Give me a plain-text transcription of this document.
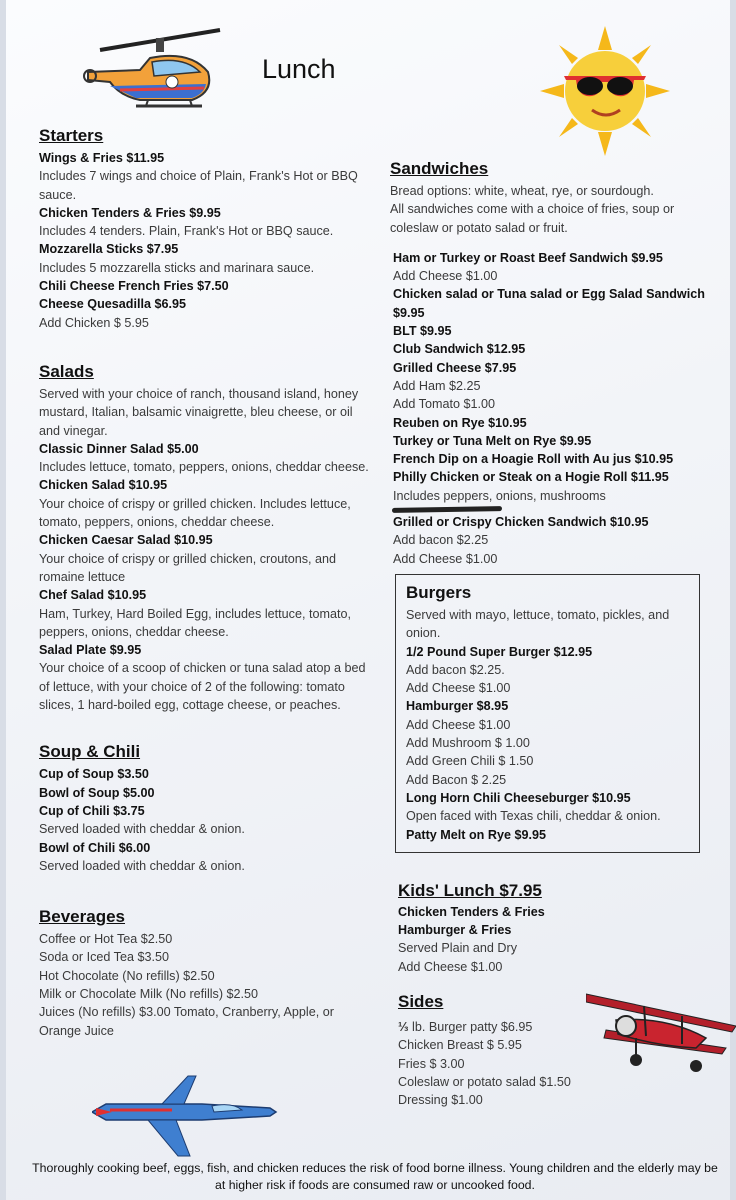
Lunch
Starters
Wings & Fries $11.95
Includes 7 wings and choice of Plain, Frank's Hot or BBQ sauce.
Chicken Tenders & Fries $9.95
Includes 4 tenders. Plain, Frank's Hot or BBQ sauce.
Mozzarella Sticks $7.95
Includes 5 mozzarella sticks and marinara sauce.
Chili Cheese French Fries $7.50
Cheese Quesadilla $6.95
Add Chicken $ 5.95
Salads
Served with your choice of ranch, thousand island, honey mustard, Italian, balsamic vinaigrette, bleu cheese, or oil and vinegar.
Classic Dinner Salad $5.00
Includes lettuce, tomato, peppers, onions, cheddar cheese.
Chicken Salad $10.95
Your choice of crispy or grilled chicken. Includes lettuce, tomato, peppers, onions, cheddar cheese.
Chicken Caesar Salad $10.95
Your choice of crispy or grilled chicken, croutons, and romaine lettuce
Chef Salad $10.95
Ham, Turkey, Hard Boiled Egg, includes lettuce, tomato, peppers, onions, cheddar cheese.
Salad Plate $9.95
Your choice of a scoop of chicken or tuna salad atop a bed of lettuce, with your choice of 2 of the following: tomato slices, 1 hard-boiled egg, cottage cheese, or peaches.
Soup & Chili
Cup of Soup $3.50
Bowl of Soup $5.00
Cup of Chili $3.75
Served loaded with cheddar & onion.
Bowl of Chili $6.00
Served loaded with cheddar & onion.
Beverages
Coffee or Hot Tea $2.50
Soda or Iced Tea $3.50
Hot Chocolate (No refills) $2.50
Milk or Chocolate Milk (No refills) $2.50
Juices (No refills) $3.00 Tomato, Cranberry, Apple, or Orange Juice
Sandwiches
Bread options: white, wheat, rye, or sourdough.
All sandwiches come with a choice of fries, soup or coleslaw or potato salad or fruit.
Ham or Turkey or Roast Beef Sandwich $9.95
Add Cheese $1.00
Chicken salad or Tuna salad or Egg Salad Sandwich $9.95
BLT $9.95
Club Sandwich $12.95
Grilled Cheese $7.95
Add Ham $2.25
Add Tomato $1.00
Reuben on Rye $10.95
Turkey or Tuna Melt on Rye $9.95
French Dip on a Hoagie Roll with Au jus $10.95
Philly Chicken or Steak on a Hogie Roll $11.95
Includes peppers, onions, mushrooms
Grilled or Crispy Chicken Sandwich $10.95
Add bacon $2.25
Add Cheese $1.00
Burgers
Served with mayo, lettuce, tomato, pickles, and onion.
1/2 Pound Super Burger $12.95
Add bacon $2.25.
Add Cheese $1.00
Hamburger $8.95
Add Cheese $1.00
Add Mushroom $ 1.00
Add Green Chili $ 1.50
Add Bacon $ 2.25
Long Horn Chili Cheeseburger $10.95
Open faced with Texas chili, cheddar & onion.
Patty Melt on Rye $9.95
Kids' Lunch $7.95
Chicken Tenders & Fries
Hamburger & Fries
Served Plain and Dry
Add Cheese $1.00
Sides
⅓ lb. Burger patty $6.95
Chicken Breast $ 5.95
Fries $ 3.00
Coleslaw or potato salad $1.50
Dressing $1.00
Thoroughly cooking beef, eggs, fish, and chicken reduces the risk of food borne illness. Young children and the elderly may be at higher risk if foods are consumed raw or uncooked food.
